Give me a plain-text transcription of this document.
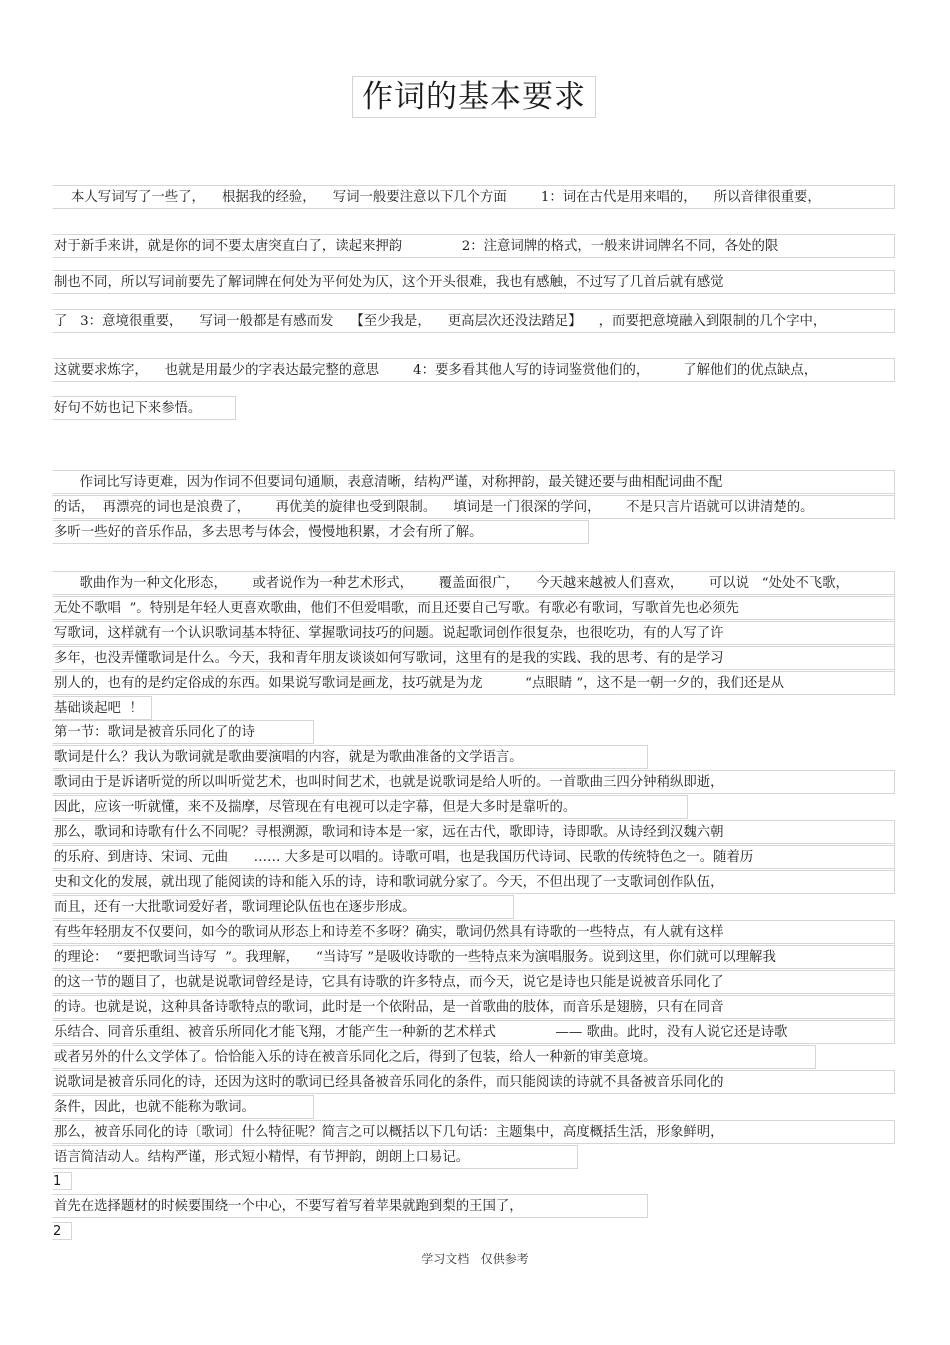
作词的基本要求
本人写词写了一些了，    根据我的经验，    写词一般要注意以下几个方面        1：词在古代是用来唱的，    所以音律很重要，
对于新手来讲，就是你的词不要太唐突直白了，读起来押韵              2：注意词牌的格式，一般来讲词牌名不同，各处的限
制也不同，所以写词前要先了解词牌在何处为平何处为仄，这个开头很难，我也有感触，不过写了几首后就有感觉
了   3：意境很重要，    写词一般都是有感而发    【至少我是，    更高层次还没法踏足】    ，而要把意境融入到限制的几个字中，
这就要求炼字，    也就是用最少的字表达最完整的意思        4：要多看其他人写的诗词鉴赏他们的，        了解他们的优点缺点，
好句不妨也记下来参悟。
作词比写诗更难，因为作词不但要词句通顺，表意清晰，结构严谨，对称押韵，最关键还要与曲相配词曲不配
的话，  再漂亮的词也是浪费了，      再优美的旋律也受到限制。    填词是一门很深的学问，      不是只言片语就可以讲清楚的。
多听一些好的音乐作品，多去思考与体会，慢慢地积累，才会有所了解。
歌曲作为一种文化形态，      或者说作为一种艺术形式，      覆盖面很广，    今天越来越被人们喜欢，      可以说   “处处不飞歌，
无处不歌唱  ”。特别是年轻人更喜欢歌曲，他们不但爱唱歌，而且还要自己写歌。有歌必有歌词，写歌首先也必须先
写歌词，这样就有一个认识歌词基本特征、掌握歌词技巧的问题。说起歌词创作很复杂，也很吃功，有的人写了许
多年，也没弄懂歌词是什么。今天，我和青年朋友谈谈如何写歌词，这里有的是我的实践、我的思考、有的是学习
别人的，也有的是约定俗成的东西。如果说写歌词是画龙，技巧就是为龙          “点眼睛 ”，这不是一朝一夕的，我们还是从
基础谈起吧  ！
第一节：歌词是被音乐同化了的诗
歌词是什么？我认为歌词就是歌曲要演唱的内容，就是为歌曲准备的文学语言。
歌词由于是诉诸听觉的所以叫听觉艺术，也叫时间艺术，也就是说歌词是给人听的。一首歌曲三四分钟稍纵即逝，
因此，应该一听就懂，来不及揣摩，尽管现在有电视可以走字幕，但是大多时是靠听的。
那么，歌词和诗歌有什么不同呢？寻根溯源，歌词和诗本是一家，远在古代，歌即诗，诗即歌。从诗经到汉魏六朝
的乐府、到唐诗、宋词、元曲      …… 大多是可以唱的。诗歌可唱，也是我国历代诗词、民歌的传统特色之一。随着历
史和文化的发展，就出现了能阅读的诗和能入乐的诗，诗和歌词就分家了。今天，不但出现了一支歌词创作队伍，
而且，还有一大批歌词爱好者，歌词理论队伍也在逐步形成。
有些年轻朋友不仅要问，如今的歌词从形态上和诗差不多呀？确实，歌词仍然具有诗歌的一些特点，有人就有这样
的理论：  “要把歌词当诗写  ”。我理解，    “当诗写 ”是吸收诗歌的一些特点来为演唱服务。说到这里，你们就可以理解我
的这一节的题目了，也就是说歌词曾经是诗，它具有诗歌的许多特点，而今天，说它是诗也只能是说被音乐同化了
的诗。也就是说，这种具备诗歌特点的歌词，此时是一个依附品，是一首歌曲的肢体，而音乐是翅膀，只有在同音
乐结合、同音乐重组、被音乐所同化才能飞翔，才能产生一种新的艺术样式              —— 歌曲。此时，没有人说它还是诗歌
或者另外的什么文学体了。恰恰能入乐的诗在被音乐同化之后，得到了包装，给人一种新的审美意境。
说歌词是被音乐同化的诗，还因为这时的歌词已经具备被音乐同化的条件，而只能阅读的诗就不具备被音乐同化的
条件，因此，也就不能称为歌词。
那么，被音乐同化的诗〔歌词〕什么特征呢？简言之可以概括以下几句话：主题集中，高度概括生活，形象鲜明，
语言简洁动人。结构严谨，形式短小精悍，有节押韵，朗朗上口易记。
1
首先在选择题材的时候要围绕一个中心，不要写着写着苹果就跑到梨的王国了，
2
学习文档   仅供参考
